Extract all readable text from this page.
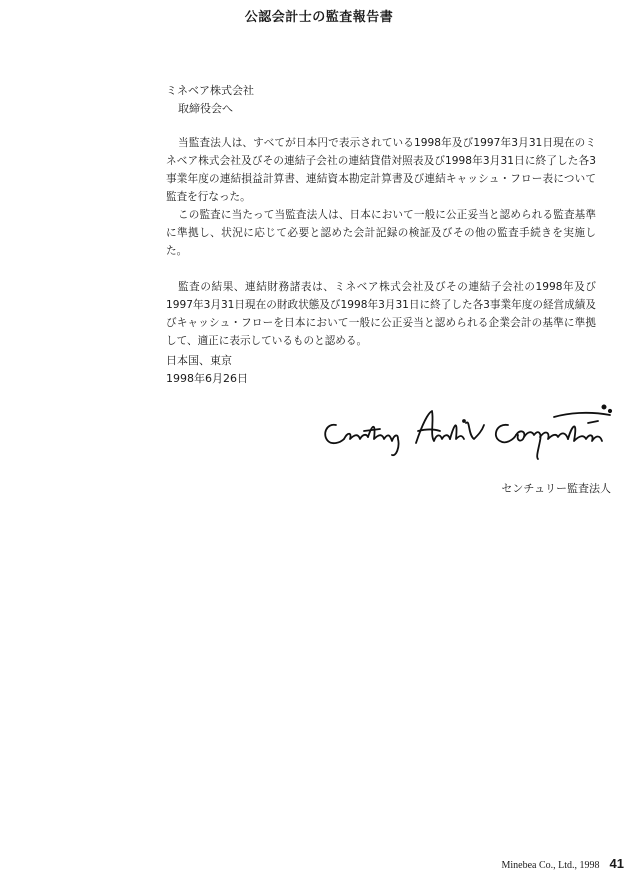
公認会計士の監査報告書
ミネベア株式会社
取締役会へ

当監査法人は、すべてが日本円で表示されている1998年及び1997年3月31日現在のミネベア株式会社及びその連結子会社の連結貸借対照表及び1998年3月31日に終了した各3事業年度の連結損益計算書、連結資本勘定計算書及び連結キャッシュ・フロー表について監査を行なった。

この監査に当たって当監査法人は、日本において一般に公正妥当と認められる監査基準に準拠し、状況に応じて必要と認めた会計記録の検証及びその他の監査手続きを実施した。

監査の結果、連結財務諸表は、ミネベア株式会社及びその連結子会社の1998年及び1997年3月31日現在の財政状態及び1998年3月31日に終了した各3事業年度の経営成績及びキャッシュ・フローを日本において一般に公正妥当と認められる企業会計の基準に準拠して、適正に表示しているものと認める。

日本国、東京
1998年6月26日
センチュリー監査法人
Minebea Co., Ltd., 1998 41
